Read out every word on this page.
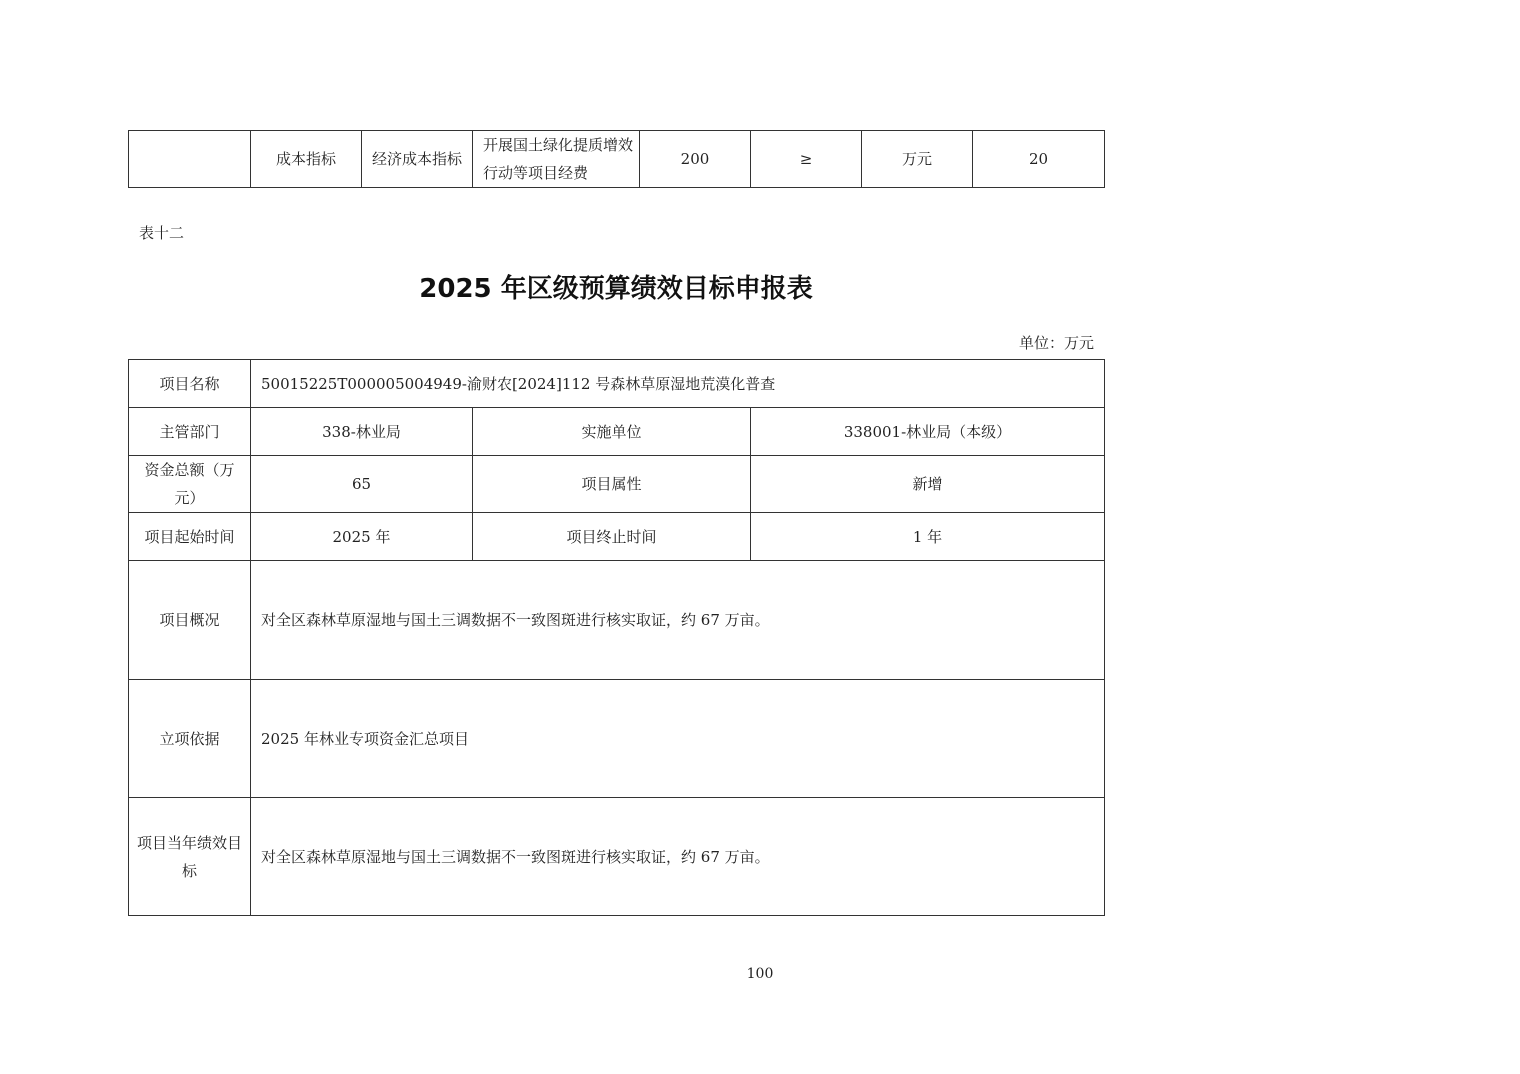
	成本指标	经济成本指标	开展国土绿化提质增效行动等项目经费	200	≥	万元	20
表十二
2025 年区级预算绩效目标申报表
单位：万元
项目名称	50015225T000005004949-渝财农[2024]112 号森林草原湿地荒漠化普查		
主管部门	338-林业局	实施单位	338001-林业局（本级）
资金总额（万元）	65	项目属性	新增
项目起始时间	2025 年	项目终止时间	1 年
项目概况	对全区森林草原湿地与国土三调数据不一致图斑进行核实取证，约 67 万亩。		
立项依据	2025 年林业专项资金汇总项目		
项目当年绩效目标	对全区森林草原湿地与国土三调数据不一致图斑进行核实取证，约 67 万亩。		
100
